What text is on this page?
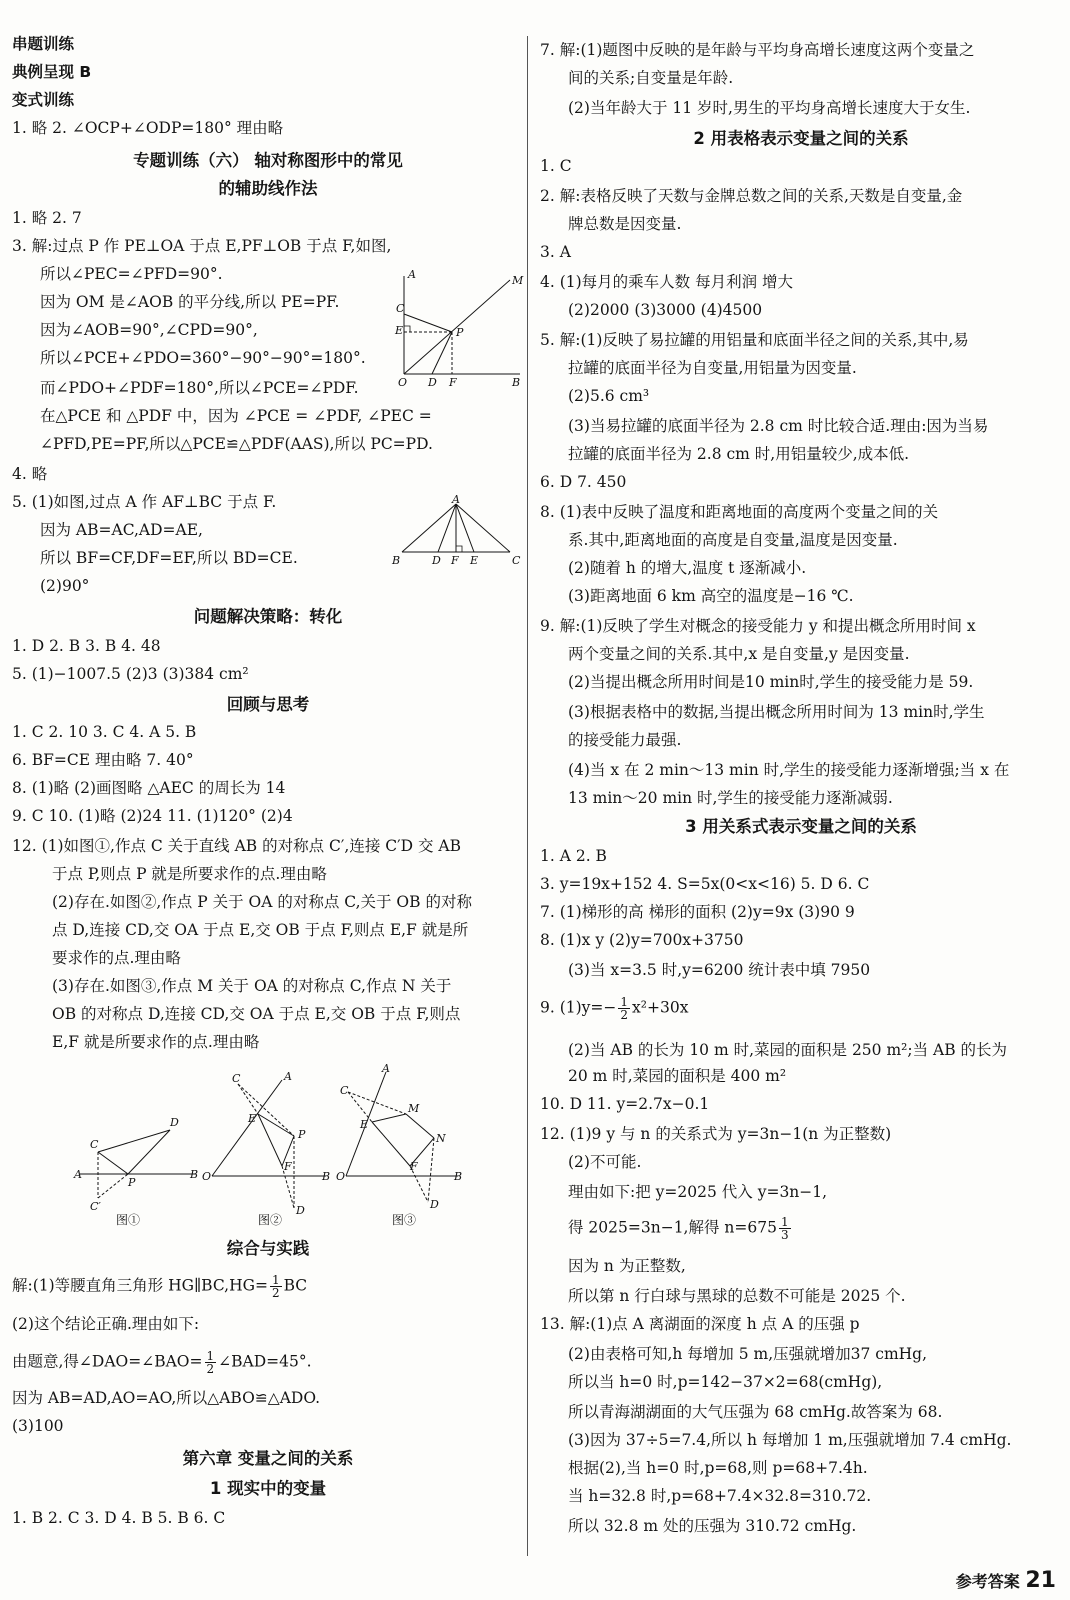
串题训练
典例呈现 B
变式训练
1. 略 2. ∠OCP+∠ODP=180° 理由略
专题训练（六） 轴对称图形中的常见
的辅助线作法
1. 略 2. 7
3. 解:过点 P 作 PE⊥OA 于点 E,PF⊥OB 于点 F,如图,
所以∠PEC=∠PFD=90°.
因为 OM 是∠AOB 的平分线,所以 PE=PF.
因为∠AOB=90°,∠CPD=90°,
所以∠PCE+∠PDO=360°−90°−90°=180°.
而∠PDO+∠PDF=180°,所以∠PCE=∠PDF.
在△PCE 和 △PDF 中，因为 ∠PCE = ∠PDF, ∠PEC =
∠PFD,PE=PF,所以△PCE≌△PDF(AAS),所以 PC=PD.
4. 略
5. (1)如图,过点 A 作 AF⊥BC 于点 F.
因为 AB=AC,AD=AE,
所以 BF=CF,DF=EF,所以 BD=CE.
(2)90°
问题解决策略：转化
1. D 2. B 3. B 4. 48
5. (1)−1007.5 (2)3 (3)384 cm²
回顾与思考
1. C 2. 10 3. C 4. A 5. B
6. BF=CE 理由略 7. 40°
8. (1)略 (2)画图略 △AEC 的周长为 14
9. C 10. (1)略 (2)24 11. (1)120° (2)4
12. (1)如图①,作点 C 关于直线 AB 的对称点 C′,连接 C′D 交 AB
于点 P,则点 P 就是所要求作的点.理由略
(2)存在.如图②,作点 P 关于 OA 的对称点 C,关于 OB 的对称
点 D,连接 CD,交 OA 于点 E,交 OB 于点 F,则点 E,F 就是所
要求作的点.理由略
(3)存在.如图③,作点 M 关于 OA 的对称点 C,作点 N 关于
OB 的对称点 D,连接 CD,交 OA 于点 E,交 OB 于点 F,则点
E,F 就是所要求作的点.理由略
A	M
C
E	P
O D F	B
A
B	D F E	C
C
D
A
P
B
C′
图①
C	A
E
P
F
O	B
D
图②
A
C
M
E
N
F
O	B
D
图③
综合与实践
解:(1)等腰直角三角形 HG∥BC,HG= $\frac{1}{2}$ BC
(2)这个结论正确.理由如下:
由题意,得∠DAO=∠BAO= $\frac{1}{2}$ ∠BAD=45°.
因为 AB=AD,AO=AO,所以△ABO≌△ADO.
(3)100
第六章 变量之间的关系
1 现实中的变量
1. B 2. C 3. D 4. B 5. B 6. C
7. 解:(1)题图中反映的是年龄与平均身高增长速度这两个变量之
间的关系;自变量是年龄.
(2)当年龄大于 11 岁时,男生的平均身高增长速度大于女生.
2 用表格表示变量之间的关系
1. C
2. 解:表格反映了天数与金牌总数之间的关系,天数是自变量,金
牌总数是因变量.
3. A
4. (1)每月的乘车人数 每月利润 增大
(2)2000 (3)3000 (4)4500
5. 解:(1)反映了易拉罐的用铝量和底面半径之间的关系,其中,易
拉罐的底面半径为自变量,用铝量为因变量.
(2)5.6 cm³
(3)当易拉罐的底面半径为 2.8 cm 时比较合适.理由:因为当易
拉罐的底面半径为 2.8 cm 时,用铝量较少,成本低.
6. D 7. 450
8. (1)表中反映了温度和距离地面的高度两个变量之间的关
系.其中,距离地面的高度是自变量,温度是因变量.
(2)随着 h 的增大,温度 t 逐渐减小.
(3)距离地面 6 km 高空的温度是−16 ℃.
9. 解:(1)反映了学生对概念的接受能力 y 和提出概念所用时间 x
两个变量之间的关系.其中,x 是自变量,y 是因变量.
(2)当提出概念所用时间是10 min时,学生的接受能力是 59.
(3)根据表格中的数据,当提出概念所用时间为 13 min时,学生
的接受能力最强.
(4)当 x 在 2 min～13 min 时,学生的接受能力逐渐增强;当 x 在
13 min～20 min 时,学生的接受能力逐渐减弱.
3 用关系式表示变量之间的关系
1. A 2. B
3. y=19x+152 4. S=5x(0<x<16) 5. D 6. C
7. (1)梯形的高 梯形的面积 (2)y=9x (3)90 9
8. (1)x y (2)y=700x+3750
(3)当 x=3.5 时,y=6200 统计表中填 7950
9. $(1)y=- \frac{1}{2} x^2+30x$
(2)当 AB 的长为 10 m 时,菜园的面积是 250 m²;当 AB 的长为
20 m 时,菜园的面积是 400 m²
10. D 11. y=2.7x−0.1
12. (1)9 y 与 n 的关系式为 y=3n−1(n 为正整数)
(2)不可能.
理由如下:把 y=2025 代入 y=3n−1,
得 2025=3n−1,解得 $n=675 \frac{1}{3}$
因为 n 为正整数,
所以第 n 行白球与黑球的总数不可能是 2025 个.
13. 解:(1)点 A 离湖面的深度 h 点 A 的压强 p
(2)由表格可知,h 每增加 5 m,压强就增加37 cmHg,
所以当 h=0 时,p=142−37×2=68(cmHg),
所以青海湖湖面的大气压强为 68 cmHg.故答案为 68.
(3)因为 37÷5=7.4,所以 h 每增加 1 m,压强就增加 7.4 cmHg.
根据(2),当 h=0 时,p=68,则 p=68+7.4h.
当 h=32.8 时,p=68+7.4×32.8=310.72.
所以 32.8 m 处的压强为 310.72 cmHg.
参考答案 21
